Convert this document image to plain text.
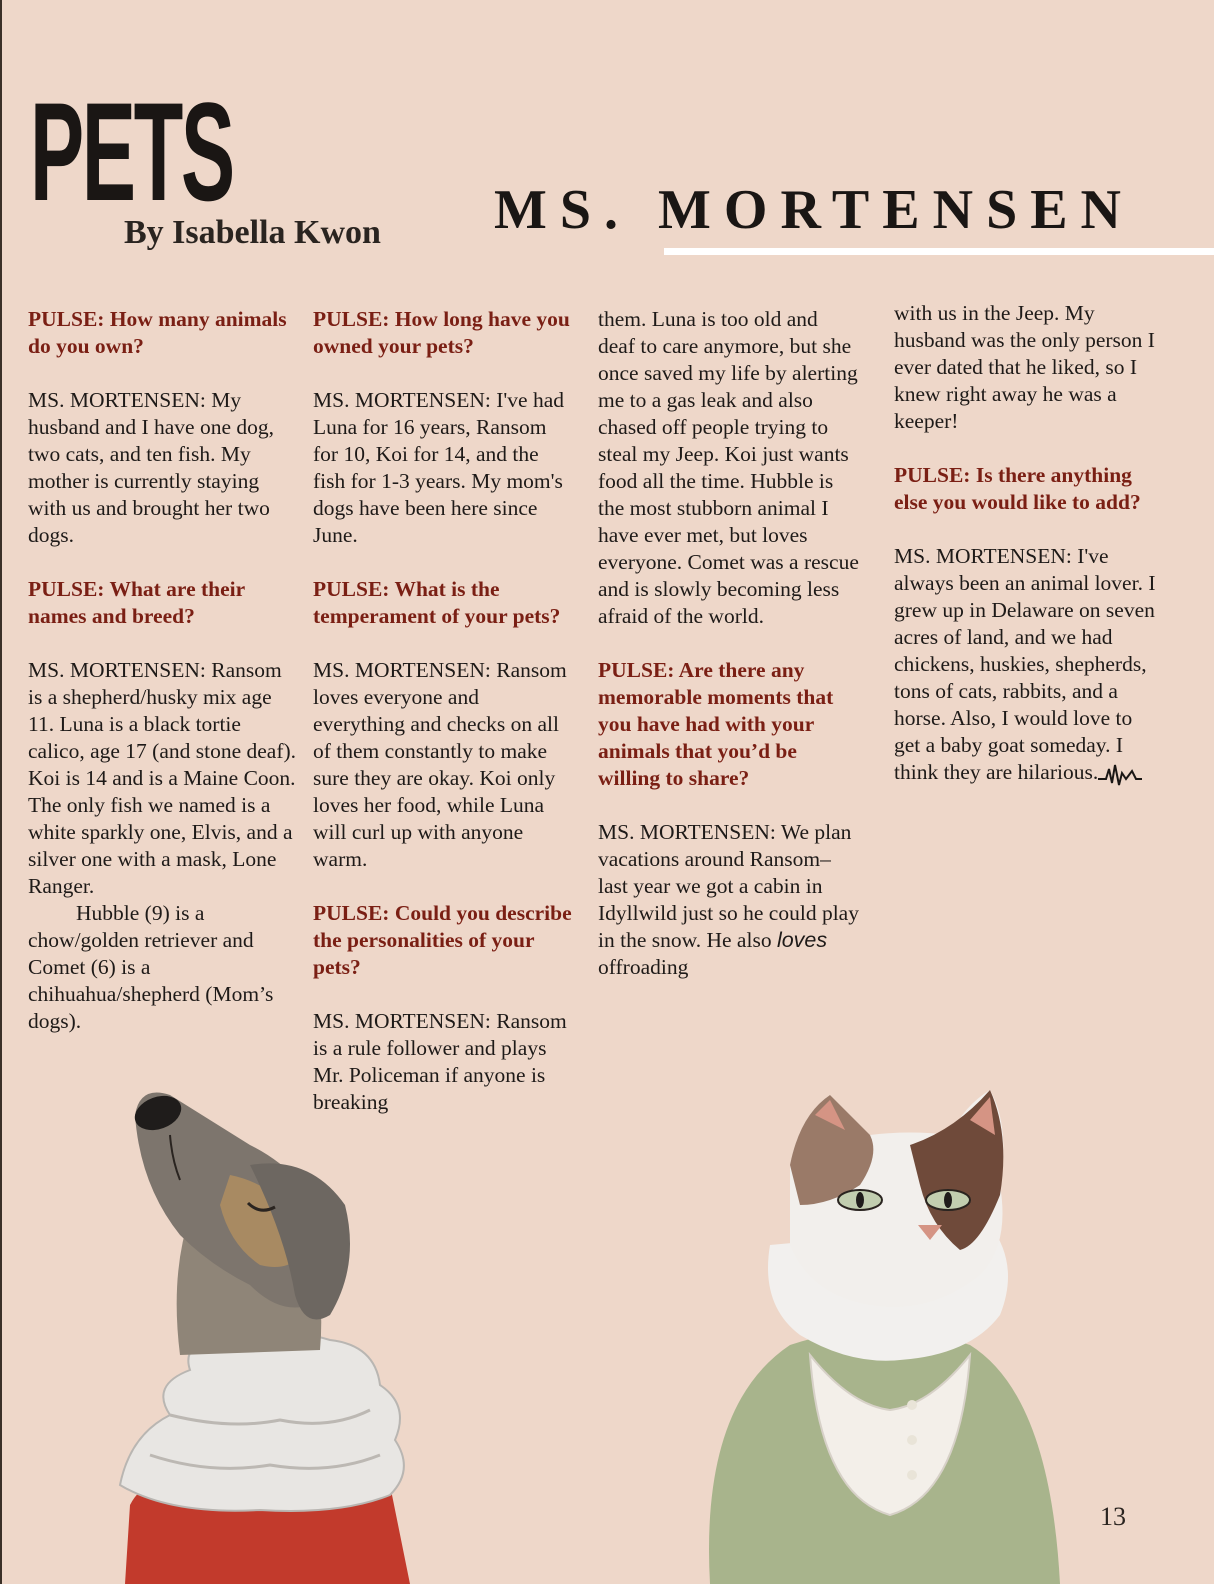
PETS
By Isabella Kwon MS. MORTENSEN

PULSE: How many animals do you own?

MS. MORTENSEN: My husband and I have one dog, two cats, and ten fish. My mother is currently staying with us and brought her two dogs.

PULSE: What are their names and breed?

MS. MORTENSEN: Ransom is a shepherd/husky mix age 11. Luna is a black tortie calico, age 17 (and stone deaf). Koi is 14 and is a Maine Coon. The only fish we named is a white sparkly one, Elvis, and a silver one with a mask, Lone Ranger.

Hubble (9) is a chow/golden retriever and Comet (6) is a chihuahua/shepherd (Mom’s dogs).

PULSE: How long have you owned your pets?

MS. MORTENSEN: I've had Luna for 16 years, Ransom for 10, Koi for 14, and the fish for 1-3 years. My mom's dogs have been here since June.

PULSE: What is the temperament of your pets?

MS. MORTENSEN: Ransom loves everyone and everything and checks on all of them constantly to make sure they are okay. Koi only loves her food, while Luna will curl up with anyone warm.

PULSE: Could you describe the personalities of your pets?

MS. MORTENSEN: Ransom is a rule follower and plays Mr. Policeman if anyone is breaking

them. Luna is too old and deaf to care anymore, but she once saved my life by alerting me to a gas leak and also chased off people trying to steal my Jeep. Koi just wants food all the time. Hubble is the most stubborn animal I have ever met, but loves everyone. Comet was a rescue and is slowly becoming less afraid of the world.

PULSE: Are there any memorable moments that you have had with your animals that you’d be willing to share?

MS. MORTENSEN: We plan vacations around Ransom–last year we got a cabin in Idyllwild just so he could play in the snow. He also loves offroading

with us in the Jeep. My husband was the only person I ever dated that he liked, so I knew right away he was a keeper!

PULSE: Is there anything else you would like to add?

MS. MORTENSEN: I've always been an animal lover. I grew up in Delaware on seven acres of land, and we had chickens, huskies, shepherds, tons of cats, rabbits, and a horse. Also, I would love to get a baby goat someday. I think they are hilarious.

13
